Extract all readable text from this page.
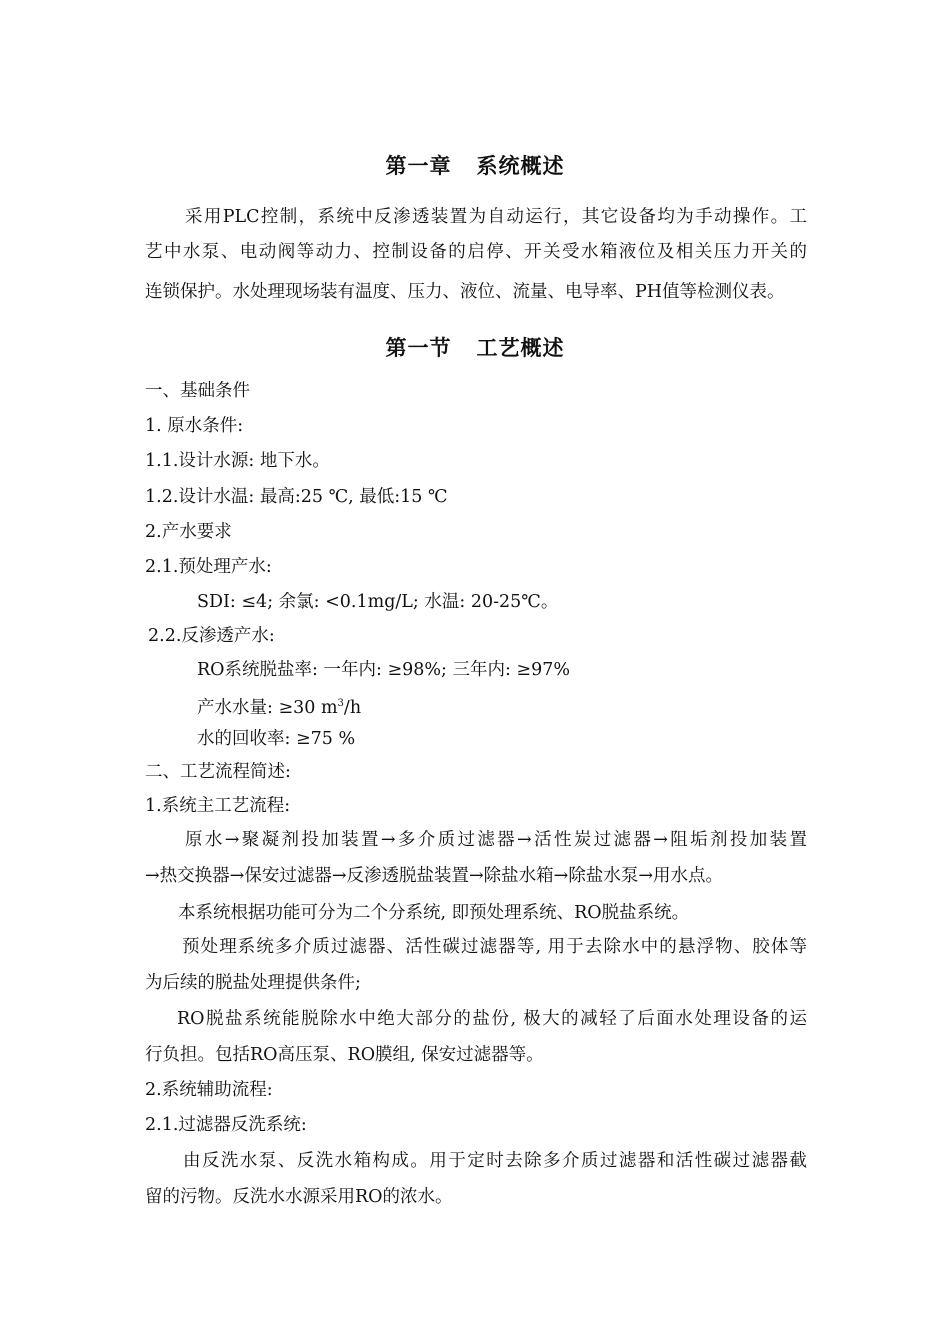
第一章   系统概述
采用PLC控制，系统中反渗透装置为自动运行，其它设备均为手动操作。工
艺中水泵、电动阀等动力、控制设备的启停、开关受水箱液位及相关压力开关的
连锁保护。水处理现场装有温度、压力、液位、流量、电导率、PH值等检测仪表。
第一节   工艺概述
一、基础条件
1. 原水条件:
1.1.设计水源: 地下水。
1.2.设计水温: 最高:25 ℃, 最低:15 ℃
2.产水要求
2.1.预处理产水:
SDI: ≤4; 余氯: <0.1mg/L; 水温: 20-25℃。
2.2.反渗透产水:
RO系统脱盐率: 一年内: ≥98%; 三年内: ≥97%
产水水量: ≥30 $m^3/h$
水的回收率: ≥75 %
二、工艺流程简述:
1.系统主工艺流程:
原水→聚凝剂投加装置→多介质过滤器→活性炭过滤器→阻垢剂投加装置
→热交换器→保安过滤器→反渗透脱盐装置→除盐水箱→除盐水泵→用水点。
本系统根据功能可分为二个分系统, 即预处理系统、RO脱盐系统。
预处理系统多介质过滤器、活性碳过滤器等, 用于去除水中的悬浮物、胶体等
为后续的脱盐处理提供条件;
RO脱盐系统能脱除水中绝大部分的盐份, 极大的减轻了后面水处理设备的运
行负担。包括RO高压泵、RO膜组, 保安过滤器等。
2.系统辅助流程:
2.1.过滤器反洗系统:
由反洗水泵、反洗水箱构成。用于定时去除多介质过滤器和活性碳过滤器截
留的污物。反洗水水源采用RO的浓水。
